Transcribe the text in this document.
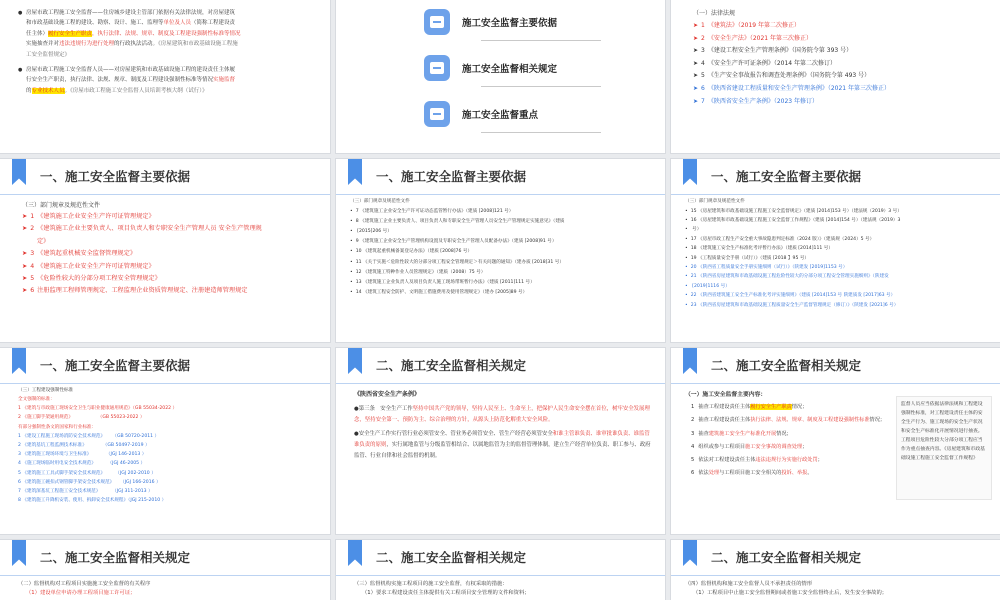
● 房屋市政工程施工安全监督——住房城乡建设主管部门依据有关法律法规，对房屋建筑
和市政基础设施工程的建设、勘察、设计、施工、监理等单位及人员（简称工程建设责
任主体）履行安全生产职责，执行法律、法规、规章、制度及工程建设强制性标准等情况
实施抽查并对违法违规行为进行处理的行政执法活动。《房屋建筑和市政基础设施工程施
工安全监督规定》

● 房屋市政工程施工安全监督人员——对房屋建筑和市政基础设施工程的建设责任主体履
行安全生产职责，执行法律、法规、规章、制度及工程建设强制性标准等情况实施监督
的专业技术人员。《房屋市政工程施工安全监督人员培训考核大纲（试行）》

施工安全监督主要依据
施工安全监督相关规定
施工安全监督重点
（一）法律法规
➤ 1 《建筑法》（2019 年第二次修正）
➤ 2 《安全生产法》（2021 年第三次修正）
➤ 3 《建设工程安全生产管理条例》（国务院令第 393 号）
➤ 4 《安全生产许可证条例》（2014 年第二次修订）
➤ 5 《生产安全事故报告和调查处理条例》（国务院令第 493 号）
➤ 6 《陕西省建设工程质量和安全生产管理条例》（2021 年第三次修正）
➤ 7 《陕西省安全生产条例》（2023 年修订）
一、施工安全监督主要依据
（三）部门规章及规范性文件
➤ 1 《建筑施工企业安全生产许可证管理规定》
➤ 2 《建筑施工企业主要负责人、项目负责人和专职安全生产管理人员 安全生产管理规
定》
➤ 3 《建筑起重机械安全监督管理规定》
➤ 4 《建筑施工企业安全生产许可证管理规定》
➤ 5 《危险性较大的分部分项工程安全管理规定》
➤ 6 注册监理工程师管理规定、工程监理企业资质管理规定、注册建造师管理规定
一、施工安全监督主要依据
（三）部门规章及规范性文件
• 7 《建筑施工企业安全生产许可证动态监管暂行办法》（建质 [2008]121 号）
• 8 《建筑施工企业主要负责人、项目负责人和专职安全生产管理人员安全生产管理规定实施意见》（建质
• [2015]206 号）
• 9 《建筑施工企业安全生产管理机构设置及专职安全生产管理人员配备办法》（建质 [2008]91 号）
• 10 《建筑起重机械备案登记办法》（建质 [2008]76 号）
• 11 《关于实施＜危险性较大的分部分项工程安全管理规定＞有关问题的通知》（建办质 [2018]31 号）
• 12 《建筑施工特种作业人员管理规定》（建质（2008）75 号）
• 13 《建筑施工企业负责人及项目负责人施工现场带班暂行办法》（建质 [2011]111 号）
• 14 《建筑工程安全防护、文明施工措施费用及使用管理规定》（建办 [2005]89 号）
一、施工安全监督主要依据
（三）部门规章及规范性文件
• 15 《房屋建筑和市政基础设施工程施工安全监督规定》（建质 [2014]153 号）（建法规（2019）3 号）
• 16 《房屋建筑和市政基础设施工程施工安全监督工作规程》（建质 [2014]154 号）（建法规（2019）3
• 号）
• 17 《房屋市政工程生产安全重大事故隐患判定标准（2024 版）》（建质规（2024）5 号）
• 18 《建筑施工安全生产标准化考评暂行办法》（建质 [2014]111 号）
• 19 《工程质量安全手册（试行）》（建质 [2018 】95 号）
• 20 《陕西省工程质量安全手册实施细则（试行）》（陕建发 [2019]1153 号）
• 21 《陕西省房屋建筑和市政基础设施工程危险性较大的分部分项工程安全管理实施细则》（陕建发
• [2019]1116 号）
• 22 《陕西省建筑施工安全生产标准化考评实施细则》（建质 [2014]153 号 陕建质发 [2017]63 号）
• 23 《陕西省房屋建筑和市政基础设施工程质量安全生产监督管理规定（修订）》（陕建发 [2021]6 号）
一、施工安全监督主要依据
（三）工程建设强制性标准
全文强制的标准：
1 《建筑与市政施工现场安全卫生与职业健康通用规范》（GB 55034-2022 ）
2 《施工脚手架通用规范》                 （GB 55023-2022 ）
有部分强制性条文的国家和行业标准：
1 《建设工程施工现场消防安全技术规范》     （GB 50720-2011 ）
2 《建筑基坑工程监测技术标准》           （GB 50497-2019 ）
3 《建筑施工现场环境与卫生标准》          （JGJ 146-2013 ）
4 《施工现场临时用电安全技术规范》        （JGJ 46-2005 ）
5 《建筑施工工具式脚手架安全技术规范》       （JGJ 202-2010 ）
6 《建筑施工碗扣式钢管脚手架安全技术规范》    （JGJ 166-2016 ）
7 《建筑深基坑工程施工安全技术规范》        （JGJ 311-2013 ）
8 《建筑施工升降机安装、使用、拆卸安全技术规程》（JGJ 215-2010 ）
二、施工安全监督相关规定
《陕西省安全生产条例》
●第三条　安全生产工作坚持中国共产党的领导，坚持人民至上、生命至上，把保护人民生命安全摆在首位，树牢安全发展理念，坚持安全第一、预防为主、综合治理的方针，从源头上防范化解重大安全风险。
●安全生产工作实行管行业必须管安全、管业务必须管安全、管生产经营必须管安全和谁主管谁负责、谁审批谁负责、谁监管谁负责的原则，实行属地监管与分级监管相结合、以属地监管为主的监督管理体制，建立生产经营单位负责、职工参与、政府监管、行业自律和社会监督的机制。
二、施工安全监督相关规定
（一）施工安全监督主要内容：
1 抽查工程建设责任主体履行安全生产职责情况；
2 抽查工程建设责任主体执行法律、法规、规章、制度及工程建设强制性标准情况；
3 抽查建筑施工安全生产标准化开展情况；
4 组织或参与工程项目施工安全事故的调查处理；
5 依法对工程建设责任主体违法违规行为实施行政处罚；
6 依法处理与工程项目施工安全相关的投诉、举报。
监督人员应当依据法律法规和工程建设强制性标准，对工程建设责任主体的安全生产行为、施工现场的安全生产状况和安全生产标准化开展情况进行抽查。工程项目危险性较大分部分项工程应当作为重点抽查内容。《房屋建筑和市政基础设施工程施工安全监督工作规程》
二、施工安全监督相关规定
（二）监督机构对工程项目实施施工安全监督的有关程序
（1）建设单位申请办理工程项目施工许可证；
二、施工安全监督相关规定
（三）监督机构实施工程项目的施工安全监督，有权采取的措施：
（1）要求工程建设责任主体提供有关工程项目安全管理的文件和资料；
二、施工安全监督相关规定
（四）监督机构和施工安全监督人员不承担责任的情形
（1）工程项目中止施工安全监督期间或者施工安全监督终止后，发生安全事故的；
